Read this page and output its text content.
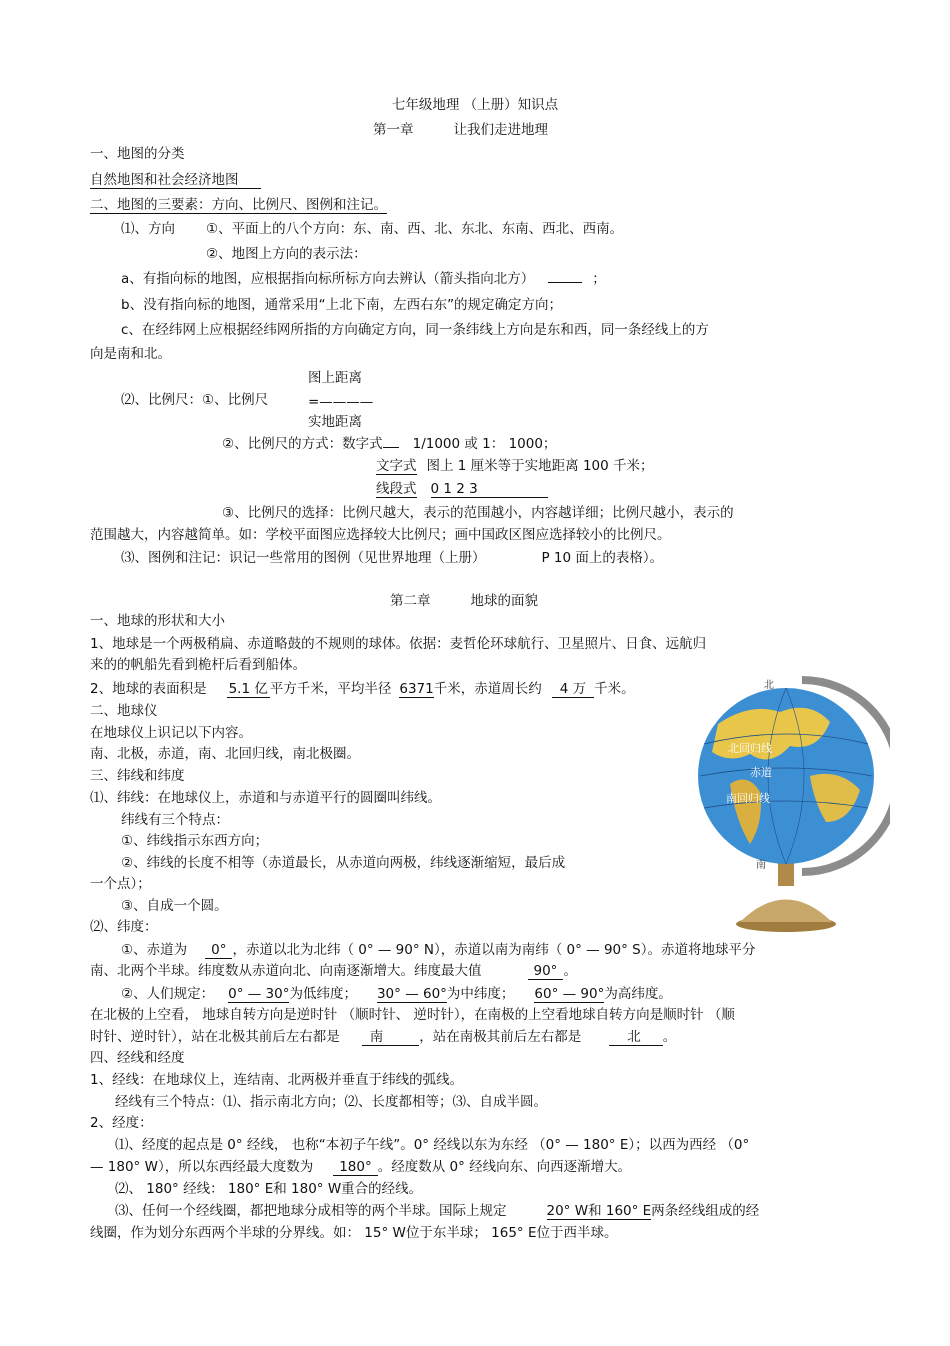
七年级地理 （上册）知识点
第一章	让我们走进地理
一、地图的分类
自然地图和社会经济地图
二、地图的三要素：方向、比例尺、图例和注记。
⑴、方向 ①、平面上的八个方向：东、南、西、北、东北、东南、西北、西南。
②、地图上方向的表示法：
a、有指向标的地图，应根据指向标所标方向去辨认（箭头指向北方）	；
b、没有指向标的地图，通常采用“上北下南，左西右东”的规定确定方向；
c、在经纬网上应根据经纬网所指的方向确定方向，同一条纬线上方向是东和西，同一条经线上的方
向是南和北。
图上距离
⑵、比例尺：①、比例尺	=————
实地距离
②、比例尺的方式：数字式 1/1000 或 1： 1000；
文字式 图上 1 厘米等于实地距离 100 千米；
线段式 0 1 2 3
③、比例尺的选择：比例尺越大，表示的范围越小，内容越详细；比例尺越小，表示的
范围越大，内容越简单。如：学校平面图应选择较大比例尺；画中国政区图应选择较小的比例尺。
⑶、图例和注记：识记一些常用的图例（见世界地理（上册）	P 10 面上的表格）。
第二章	地球的面貌
一、地球的形状和大小
1、地球是一个两极稍扁、赤道略鼓的不规则的球体。依据：麦哲伦环球航行、卫星照片、日食、远航归
来的的帆船先看到桅杆后看到船体。
2、地球的表面积是 5.1 亿 平方千米，平均半径 6371千米，赤道周长约 4 万 千米。
二、地球仪
在地球仪上识记以下内容。
南、北极，赤道，南、北回归线，南北极圈。
三、纬线和纬度
⑴、纬线：在地球仪上，赤道和与赤道平行的圆圈叫纬线。
纬线有三个特点：
①、纬线指示东西方向；
②、纬线的长度不相等（赤道最长，从赤道向两极，纬线逐渐缩短，最后成
一个点）；
③、自成一个圆。
⑵、纬度：
①、赤道为 0° ，赤道以北为北纬（ 0° — 90° N），赤道以南为南纬（ 0° — 90° S）。赤道将地球平分
南、北两个半球。纬度数从赤道向北、向南逐渐增大。纬度最大值	90° 。
②、人们规定： 0° — 30°为低纬度； 30° — 60°为中纬度； 60° — 90°为高纬度。
在北极的上空看， 地球自转方向是逆时针 （顺时针、 逆时针），在南极的上空看地球自转方向是顺时针 （顺
时针、逆时针），站在北极其前后左右都是 南	，站在南极其前后左右都是	北 。
四、经线和经度
1、经线：在地球仪上，连结南、北两极并垂直于纬线的弧线。
经线有三个特点：⑴、指示南北方向；⑵、长度都相等；⑶、自成半圆。
2、经度：
⑴、经度的起点是 0° 经线， 也称“本初子午线”。0° 经线以东为东经 （0° — 180° E）；以西为西经 （0°
— 180° W），所以东西经最大度数为 180° 。经度数从 0° 经线向东、向西逐渐增大。
⑵、 180° 经线： 180° E和 180° W重合的经线。
⑶、任何一个经线圈，都把地球分成相等的两个半球。国际上规定	20° W和 160° E两条经线组成的经
线圈，作为划分东西两个半球的分界线。如： 15° W位于东半球； 165° E位于西半球。
北回归线
赤道
南回归线
北
南
